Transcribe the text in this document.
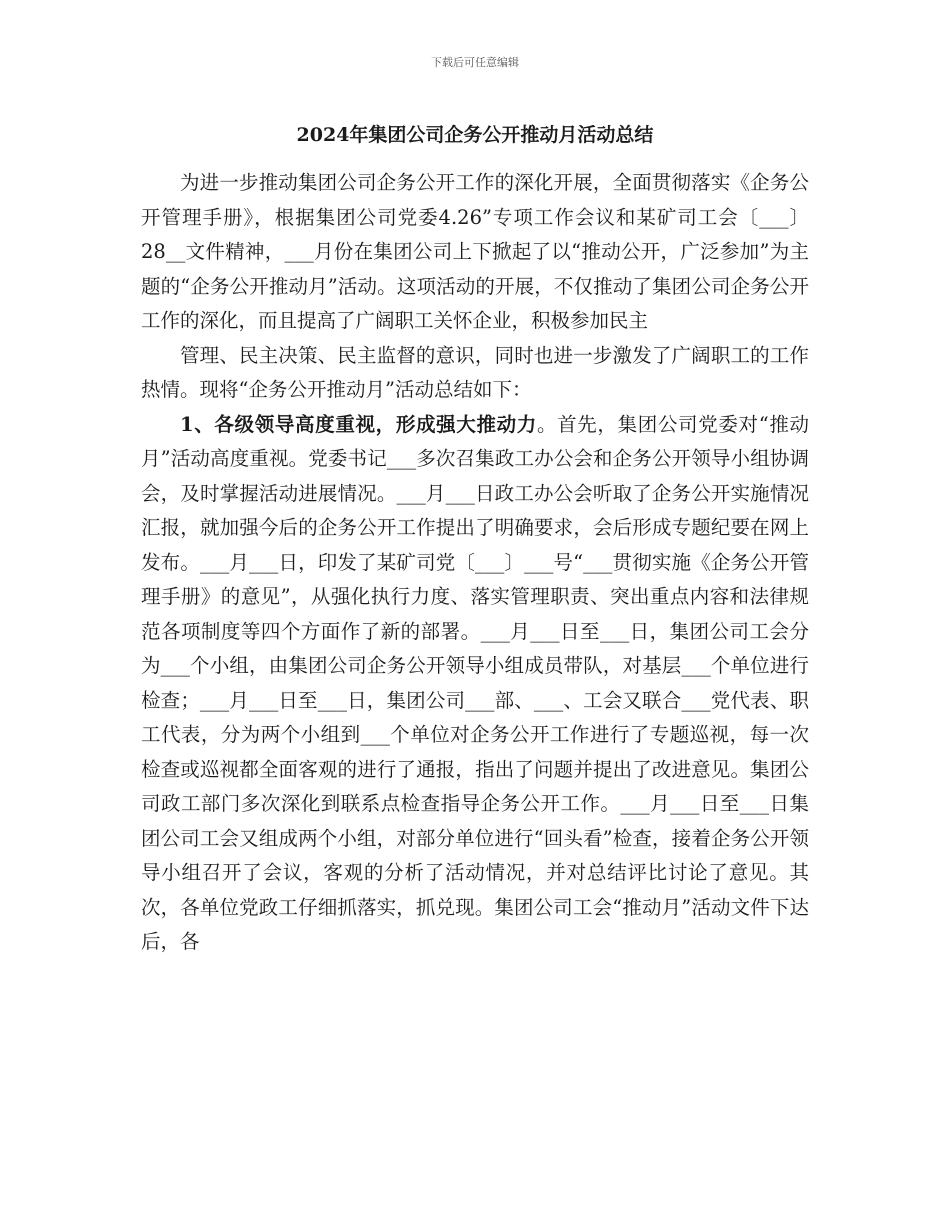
下载后可任意编辑
2024年集团公司企务公开推动月活动总结

为进一步推动集团公司企务公开工作的深化开展，全面贯彻落实《企务公开管理手册》，根据集团公司党委4.26”专项工作会议和某矿司工会〔___〕28__文件精神，___月份在集团公司上下掀起了以“推动公开，广泛参加”为主题的“企务公开推动月”活动。这项活动的开展，不仅推动了集团公司企务公开工作的深化，而且提高了广阔职工关怀企业，积极参加民主

管理、民主决策、民主监督的意识，同时也进一步激发了广阔职工的工作热情。现将“企务公开推动月”活动总结如下：

1、各级领导高度重视，形成强大推动力。首先，集团公司党委对“推动月”活动高度重视。党委书记___多次召集政工办公会和企务公开领导小组协调会，及时掌握活动进展情况。___月___日政工办公会听取了企务公开实施情况汇报，就加强今后的企务公开工作提出了明确要求，会后形成专题纪要在网上发布。___月___日，印发了某矿司党〔___〕___号“___贯彻实施《企务公开管理手册》的意见”，从强化执行力度、落实管理职责、突出重点内容和法律规范各项制度等四个方面作了新的部署。___月___日至___日，集团公司工会分为___个小组，由集团公司企务公开领导小组成员带队，对基层___个单位进行检查；___月___日至___日，集团公司___部、___、工会又联合___党代表、职工代表，分为两个小组到___个单位对企务公开工作进行了专题巡视，每一次检查或巡视都全面客观的进行了通报，指出了问题并提出了改进意见。集团公司政工部门多次深化到联系点检查指导企务公开工作。___月___日至___日集团公司工会又组成两个小组，对部分单位进行“回头看”检查，接着企务公开领导小组召开了会议，客观的分析了活动情况，并对总结评比讨论了意见。其次，各单位党政工仔细抓落实，抓兑现。集团公司工会“推动月”活动文件下达后，各
